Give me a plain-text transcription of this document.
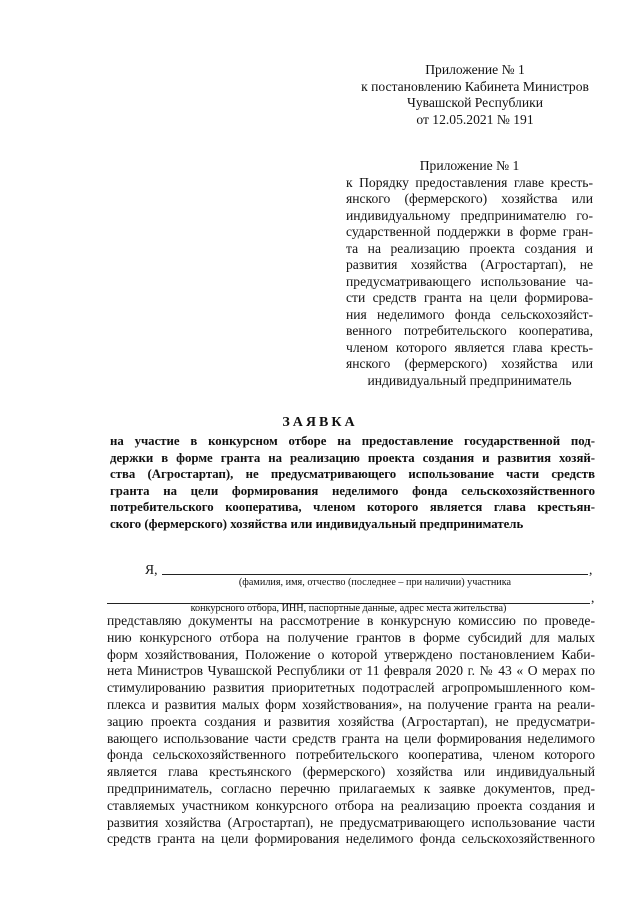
Приложение № 1
к постановлению Кабинета Министров
Чувашской Республики
от 12.05.2021 № 191
Приложение № 1
к Порядку предоставления главе кресть-
янского (фермерского) хозяйства или
индивидуальному предпринимателю го-
сударственной поддержки в форме гран-
та на реализацию проекта создания и
развития хозяйства (Агростартап), не
предусматривающего использование ча-
сти средств гранта на цели формирова-
ния неделимого фонда сельскохозяйст-
венного потребительского кооператива,
членом которого является глава кресть-
янского (фермерского) хозяйства или
индивидуальный предприниматель
ЗАЯВКА
на участие в конкурсном отборе на предоставление государственной под-
держки в форме гранта на реализацию проекта создания и развития хозяй-
ства (Агростартап), не предусматривающего использование части средств
гранта на цели формирования неделимого фонда сельскохозяйственного
потребительского кооператива, членом которого является глава крестьян-
ского (фермерского) хозяйства или индивидуальный предприниматель
Я,	,
(фамилия, имя, отчество (последнее – при наличии) участника
,
конкурсного отбора, ИНН, паспортные данные, адрес места жительства)
представляю документы на рассмотрение в конкурсную комиссию по проведе-
нию конкурсного отбора на получение грантов в форме субсидий для малых
форм хозяйствования, Положение о которой утверждено постановлением Каби-
нета Министров Чувашской Республики от 11 февраля 2020 г. № 43 « О мерах по
стимулированию развития приоритетных подотраслей агропромышленного ком-
плекса и развития малых форм хозяйствования», на получение гранта на реали-
зацию проекта создания и развития хозяйства (Агростартап), не предусматри-
вающего использование части средств гранта на цели формирования неделимого
фонда сельскохозяйственного потребительского кооператива, членом которого
является глава крестьянского (фермерского) хозяйства или индивидуальный
предприниматель, согласно перечню прилагаемых к заявке документов, пред-
ставляемых участником конкурсного отбора на реализацию проекта создания и
развития хозяйства (Агростартап), не предусматривающего использование части
средств гранта на цели формирования неделимого фонда сельскохозяйственного
